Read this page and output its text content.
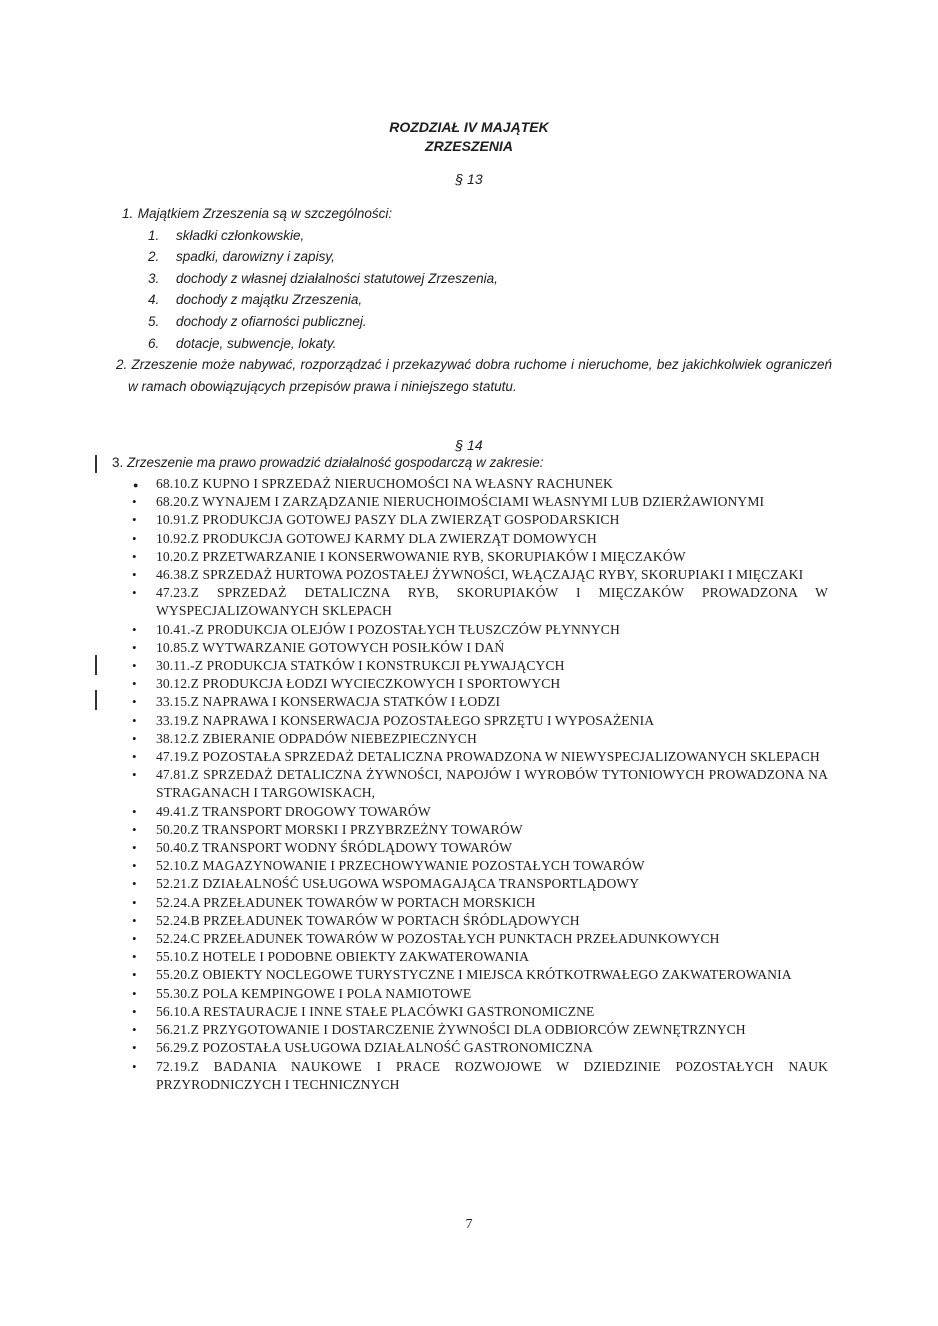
ROZDZIAŁ IV MAJĄTEK
ZRZESZENIA
§ 13
1. Majątkiem Zrzeszenia są w szczególności:
1. składki członkowskie,
2. spadki, darowizny i zapisy,
3. dochody z własnej działalności statutowej Zrzeszenia,
4. dochody z majątku Zrzeszenia,
5. dochody z ofiarności publicznej.
6. dotacje, subwencje, lokaty.
2. Zrzeszenie może nabywać, rozporządzać i przekazywać dobra ruchome i nieruchome, bez jakichkolwiek ograniczeń w ramach obowiązujących przepisów prawa i niniejszego statutu.
§ 14
3. Zrzeszenie ma prawo prowadzić działalność gospodarczą w zakresie:
● 68.10.Z KUPNO I SPRZEDAŻ NIERUCHOMOŚCI NA WŁASNY RACHUNEK
• 68.20.Z WYNAJEM I ZARZĄDZANIE NIERUCHOIMOŚCIAMI WŁASNYMI LUB DZIERŻAWIONYMI
• 10.91.Z PRODUKCJA GOTOWEJ PASZY DLA ZWIERZĄT GOSPODARSKICH
• 10.92.Z PRODUKCJA GOTOWEJ KARMY DLA ZWIERZĄT DOMOWYCH
• 10.20.Z PRZETWARZANIE I KONSERWOWANIE RYB, SKORUPIAKÓW I MIĘCZAKÓW
• 46.38.Z SPRZEDAŻ HURTOWA POZOSTAŁEJ ŻYWNOŚCI, WŁĄCZAJĄC RYBY, SKORUPIAKI I MIĘCZAKI
• 47.23.Z SPRZEDAŻ DETALICZNA RYB, SKORUPIAKÓW I MIĘCZAKÓW PROWADZONA W WYSPECJALIZOWANYCH SKLEPACH
• 10.41.-Z PRODUKCJA OLEJÓW I POZOSTAŁYCH TŁUSZCZÓW PŁYNNYCH
• 10.85.Z WYTWARZANIE GOTOWYCH POSIŁKÓW I DAŃ
• 30.11.-Z PRODUKCJA STATKÓW I KONSTRUKCJI PŁYWAJĄCYCH
• 30.12.Z PRODUKCJA ŁODZI WYCIECZKOWYCH I SPORTOWYCH
• 33.15.Z NAPRAWA I KONSERWACJA STATKÓW I ŁODZI
• 33.19.Z NAPRAWA I KONSERWACJA POZOSTAŁEGO SPRZĘTU I WYPOSAŻENIA
• 38.12.Z ZBIERANIE ODPADÓW NIEBEZPIECZNYCH
• 47.19.Z POZOSTAŁA SPRZEDAŻ DETALICZNA PROWADZONA W NIEWYSPECJALIZOWANYCH SKLEPACH
• 47.81.Z SPRZEDAŻ DETALICZNA ŻYWNOŚCI, NAPOJÓW I WYROBÓW TYTONIOWYCH PROWADZONA NA STRAGANACH I TARGOWISKACH,
• 49.41.Z TRANSPORT DROGOWY TOWARÓW
• 50.20.Z TRANSPORT MORSKI I PRZYBRZEŻNY TOWARÓW
• 50.40.Z TRANSPORT WODNY ŚRÓDLĄDOWY TOWARÓW
• 52.10.Z MAGAZYNOWANIE I PRZECHOWYWANIE POZOSTAŁYCH TOWARÓW
• 52.21.Z DZIAŁALNOŚĆ USŁUGOWA WSPOMAGAJĄCA TRANSPORTLĄDOWY
• 52.24.A PRZEŁADUNEK TOWARÓW W PORTACH MORSKICH
• 52.24.B PRZEŁADUNEK TOWARÓW W PORTACH ŚRÓDLĄDOWYCH
• 52.24.C PRZEŁADUNEK TOWARÓW W POZOSTAŁYCH PUNKTACH PRZEŁADUNKOWYCH
• 55.10.Z HOTELE I PODOBNE OBIEKTY ZAKWATEROWANIA
• 55.20.Z OBIEKTY NOCLEGOWE TURYSTYCZNE I MIEJSCA KRÓTKOTRWAŁEGO ZAKWATEROWANIA
• 55.30.Z POLA KEMPINGOWE I POLA NAMIOTOWE
• 56.10.A RESTAURACJE I INNE STAŁE PLACÓWKI GASTRONOMICZNE
• 56.21.Z PRZYGOTOWANIE I DOSTARCZENIE ŻYWNOŚCI DLA ODBIORCÓW ZEWNĘTRZNYCH
• 56.29.Z POZOSTAŁA USŁUGOWA DZIAŁALNOŚĆ GASTRONOMICZNA
• 72.19.Z BADANIA NAUKOWE I PRACE ROZWOJOWE W DZIEDZINIE POZOSTAŁYCH NAUK PRZYRODNICZYCH I TECHNICZNYCH
7
